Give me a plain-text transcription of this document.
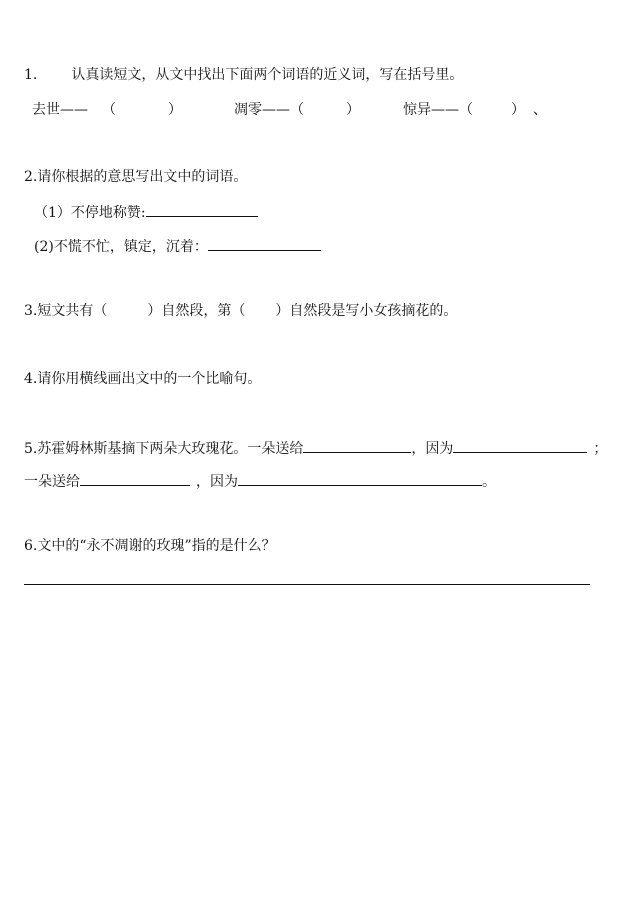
1. 认真读短文，从文中找出下面两个词语的近义词，写在括号里。
去世—— （	）	凋零——（	）	惊异——（	） 、
2.请你根据的意思写出文中的词语。
（1）不停地称赞:
(2)不慌不忙，镇定，沉着：
3.短文共有（	）自然段，第（ ）自然段是写小女孩摘花的。
4.请你用横线画出文中的一个比喻句。
5.苏霍姆林斯基摘下两朵大玫瑰花。一朵送给	，因为	；
一朵送给	，因为	。
6.文中的“永不凋谢的玫瑰”指的是什么？
